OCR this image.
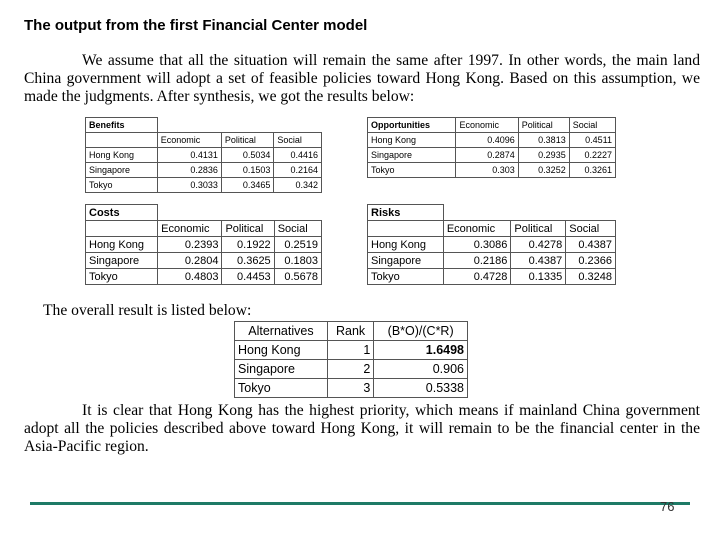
The output from the first Financial Center model
We assume that all the situation will remain the same after 1997. In other words, the main land China government will adopt a set of feasible policies toward Hong Kong. Based on this assumption, we made the judgments. After synthesis, we got the results below:
Benefits			
	Economic	Political	Social
Hong Kong	0.4131	0.5034	0.4416
Singapore	0.2836	0.1503	0.2164
Tokyo	0.3033	0.3465	0.342
Opportunities	Economic	Political	Social
Hong Kong	0.4096	0.3813	0.4511
Singapore	0.2874	0.2935	0.2227
Tokyo	0.303	0.3252	0.3261
Costs			
	Economic	Political	Social
Hong Kong	0.2393	0.1922	0.2519
Singapore	0.2804	0.3625	0.1803
Tokyo	0.4803	0.4453	0.5678
Risks			
	Economic	Political	Social
Hong Kong	0.3086	0.4278	0.4387
Singapore	0.2186	0.4387	0.2366
Tokyo	0.4728	0.1335	0.3248
The overall result is listed below:
Alternatives	Rank	(B*O)/(C*R)
Hong Kong	1	1.6498
Singapore	2	0.906
Tokyo	3	0.5338
It is clear that Hong Kong has the highest priority, which means if mainland China government adopt all the policies described above toward Hong Kong, it will remain to be the financial center in the Asia-Pacific region.
76
